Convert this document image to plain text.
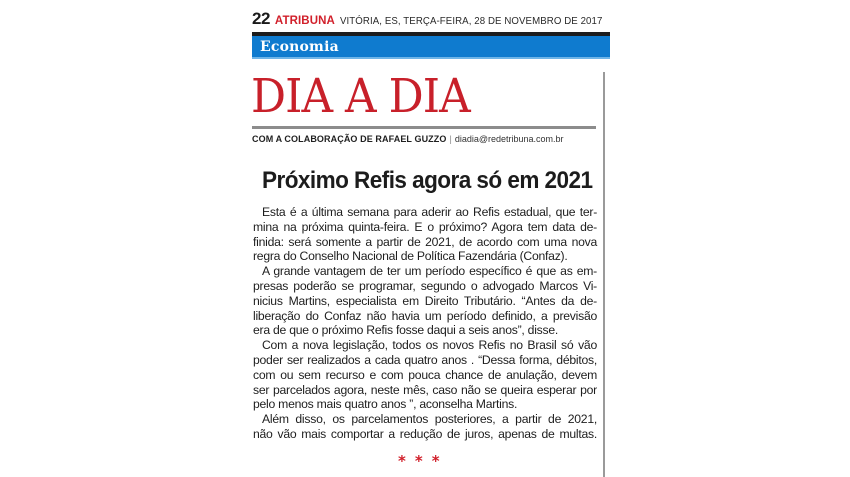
22 ATRIBUNA VITÓRIA, ES, TERÇA-FEIRA, 28 DE NOVEMBRO DE 2017
Economia
DIA A DIA
COM A COLABORAÇÃO DE RAFAEL GUZZO | diadia@redetribuna.com.br
Próximo Refis agora só em 2021
Esta é a última semana para aderir ao Refis estadual, que ter-
mina na próxima quinta-feira. E o próximo? Agora tem data de-
finida: será somente a partir de 2021, de acordo com uma nova
regra do Conselho Nacional de Política Fazendária (Confaz).
A grande vantagem de ter um período específico é que as em-
presas poderão se programar, segundo o advogado Marcos Vi-
nicius Martins, especialista em Direito Tributário. “Antes da de-
liberação do Confaz não havia um período definido, a previsão
era de que o próximo Refis fosse daqui a seis anos”, disse.
Com a nova legislação, todos os novos Refis no Brasil só vão
poder ser realizados a cada quatro anos . “Dessa forma, débitos,
com ou sem recurso e com pouca chance de anulação, devem
ser parcelados agora, neste mês, caso não se queira esperar por
pelo menos mais quatro anos ”, aconselha Martins.
Além disso, os parcelamentos posteriores, a partir de 2021,
não vão mais comportar a redução de juros, apenas de multas.
***
